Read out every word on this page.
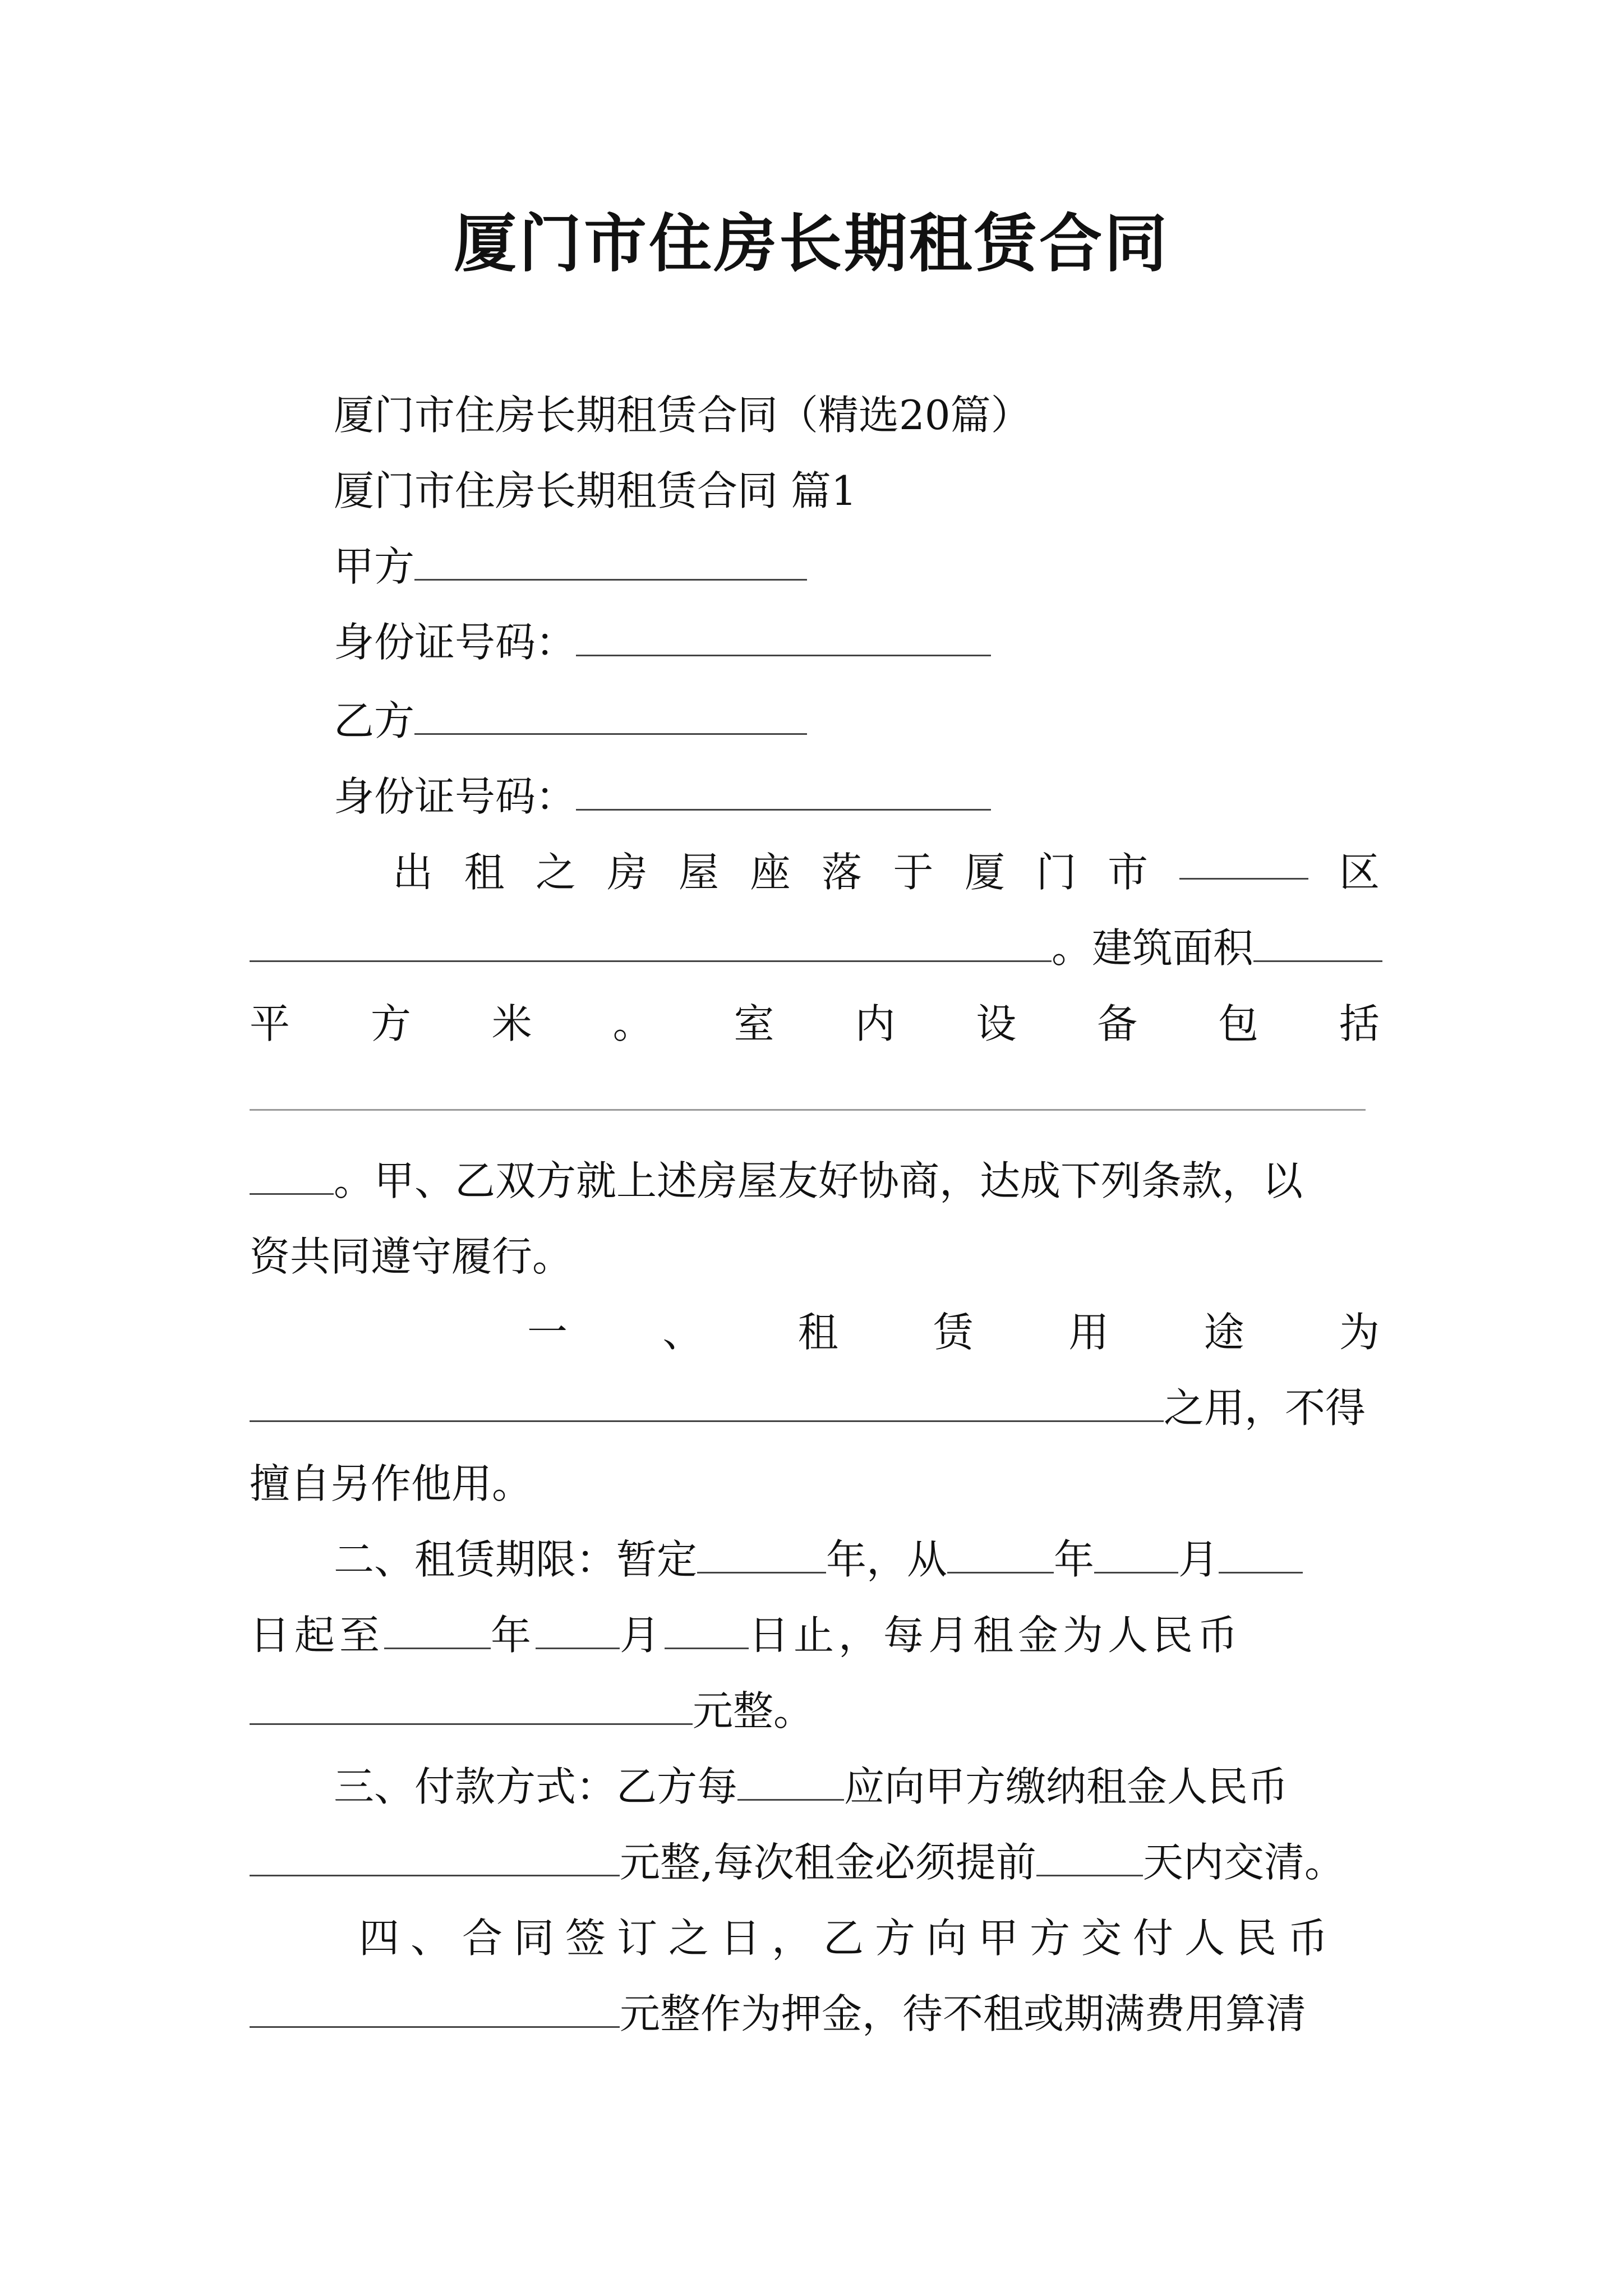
厦门市住房长期租赁合同
厦门市住房长期租赁合同（精选20篇）
厦门市住房长期租赁合同 篇1
甲方
身份证号码：
乙方
身份证号码：
出 租 之 房 屋 座 落 于 厦 门 市	区
。建筑面积
平 方 米 。 室 内 设 备 包 括
。甲、乙双方就上述房屋友好协商，达成下列条款，以
资共同遵守履行。
一 、 租 赁 用 途 为
之用，不得
擅自另作他用。
二、租赁期限：暂定	年，从	年 月
日起至	年 月 日止，每月租金为人民币
元整。
三、付款方式：乙方每	应向甲方缴纳租金人民币
元整,每次租金必须提前	天内交清。
四、合同签订之日，乙方向甲方交付人民币
元整作为押金，待不租或期满费用算清
